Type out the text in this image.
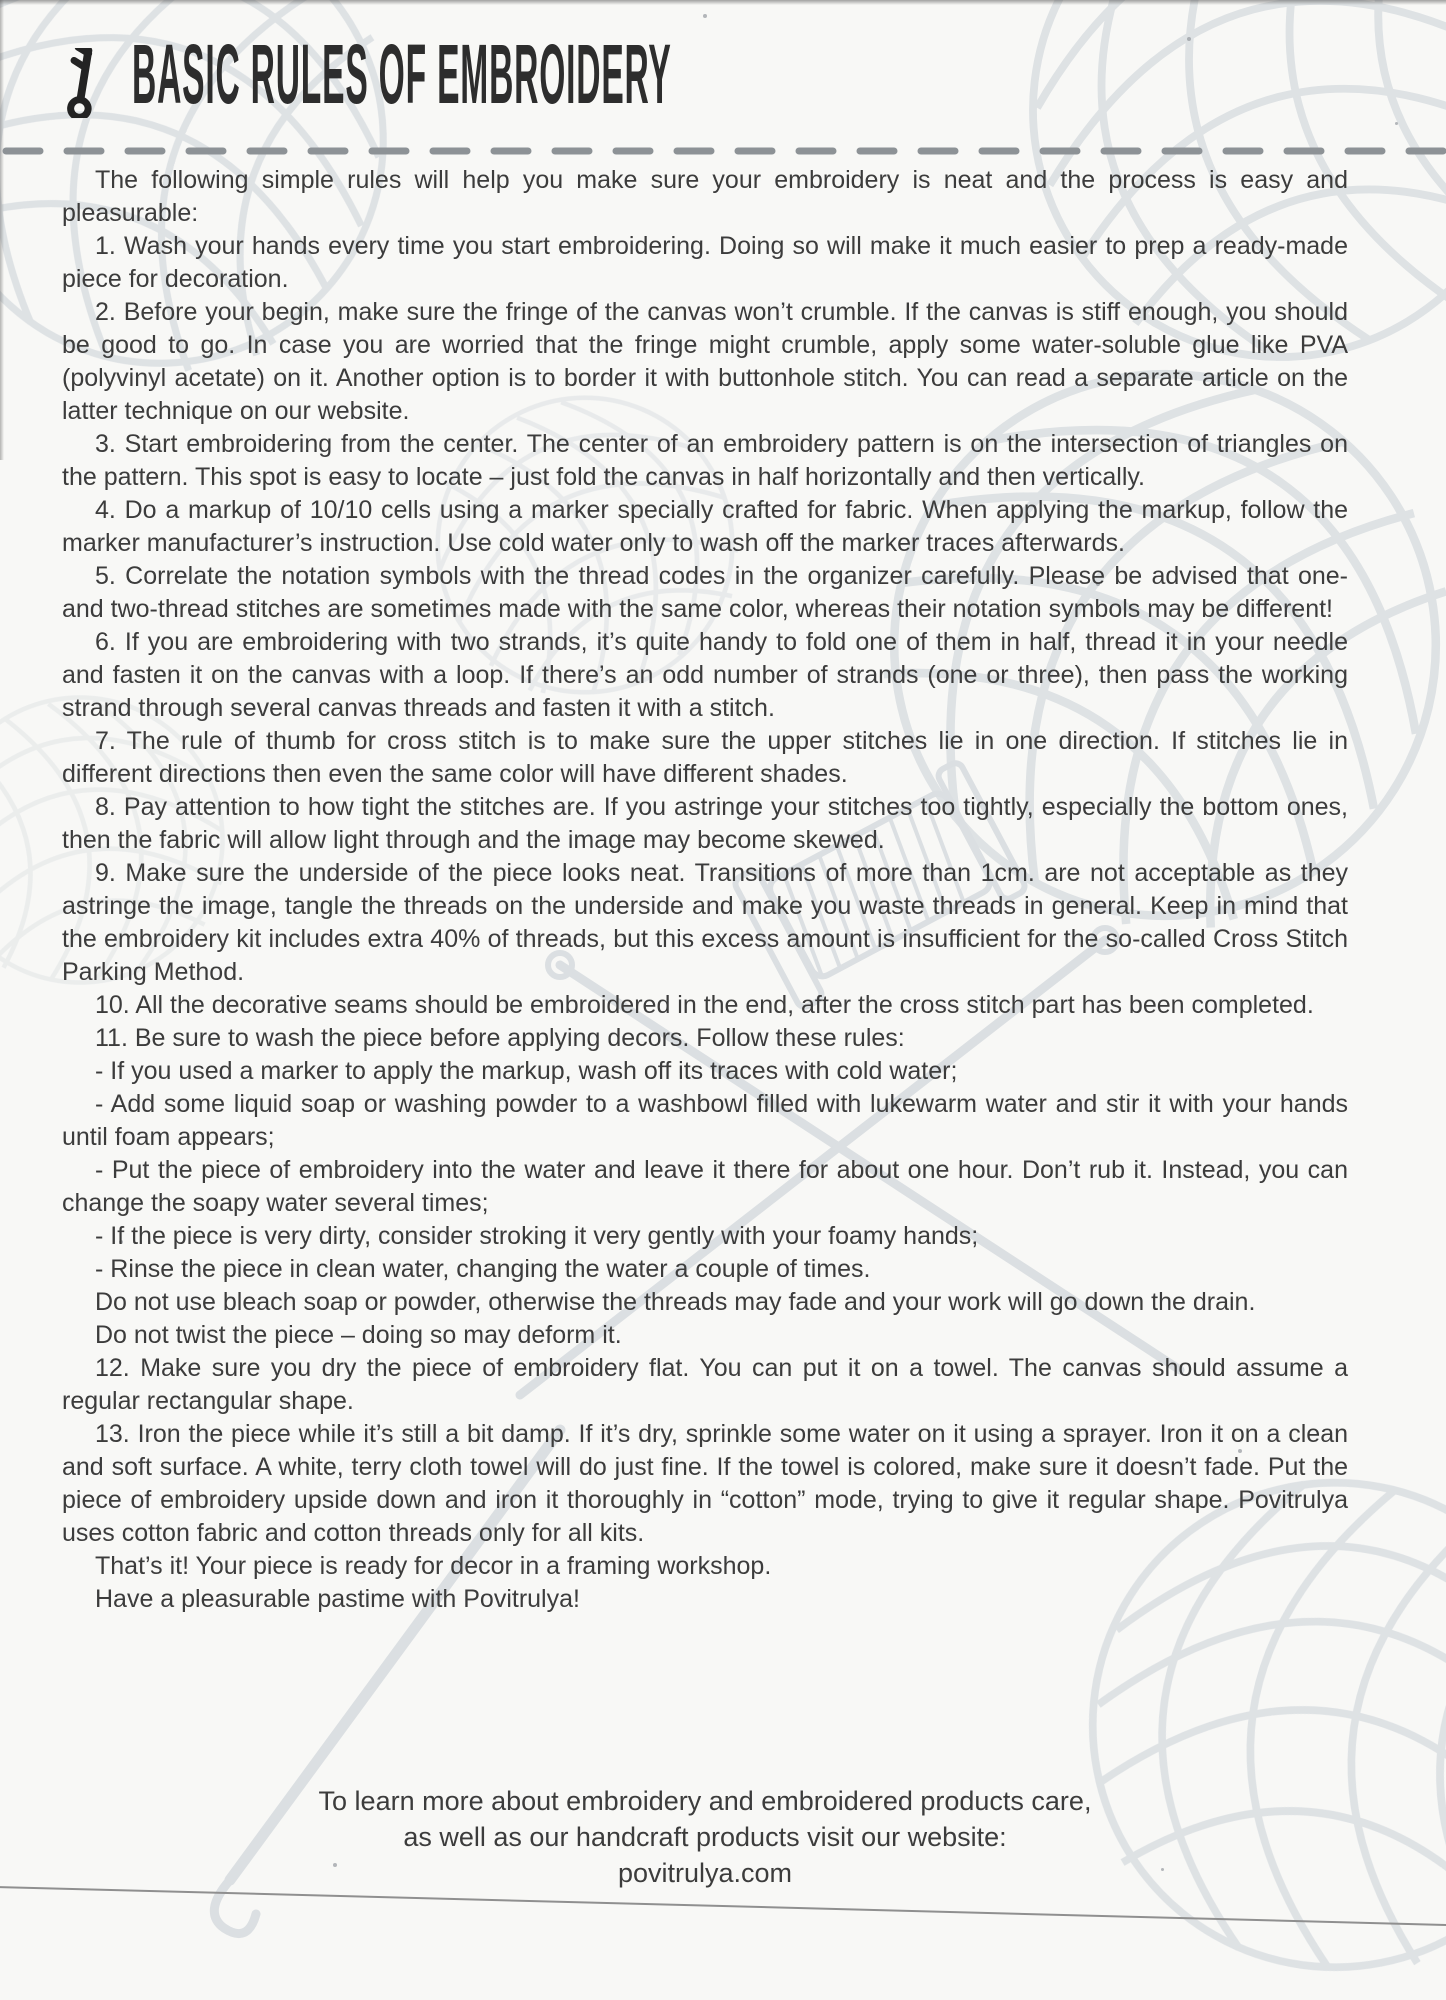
BASIC RULES OF EMBROIDERY

The following simple rules will help you make sure your embroidery is neat and the process is easy and pleasurable:

1. Wash your hands every time you start embroidering. Doing so will make it much easier to prep a ready-made piece for decoration.

2. Before your begin, make sure the fringe of the canvas won’t crumble. If the canvas is stiff enough, you should be good to go. In case you are worried that the fringe might crumble, apply some water-soluble glue like PVA (polyvinyl acetate) on it. Another option is to border it with buttonhole stitch. You can read a separate article on the latter technique on our website.

3. Start embroidering from the center. The center of an embroidery pattern is on the intersection of triangles on the pattern. This spot is easy to locate – just fold the canvas in half horizontally and then vertically.

4. Do a markup of 10/10 cells using a marker specially crafted for fabric. When applying the markup, follow the marker manufacturer’s instruction. Use cold water only to wash off the marker traces afterwards.

5. Correlate the notation symbols with the thread codes in the organizer carefully. Please be advised that one- and two-thread stitches are sometimes made with the same color, whereas their notation symbols may be different!

6. If you are embroidering with two strands, it’s quite handy to fold one of them in half, thread it in your needle and fasten it on the canvas with a loop. If there’s an odd number of strands (one or three), then pass the working strand through several canvas threads and fasten it with a stitch.

7. The rule of thumb for cross stitch is to make sure the upper stitches lie in one direction. If stitches lie in different directions then even the same color will have different shades.

8. Pay attention to how tight the stitches are. If you astringe your stitches too tightly, especially the bottom ones, then the fabric will allow light through and the image may become skewed.

9. Make sure the underside of the piece looks neat. Transitions of more than 1cm. are not acceptable as they astringe the image, tangle the threads on the underside and make you waste threads in general. Keep in mind that the embroidery kit includes extra 40% of threads, but this excess amount is insufficient for the so-called Cross Stitch Parking Method.

10. All the decorative seams should be embroidered in the end, after the cross stitch part has been completed.

11. Be sure to wash the piece before applying decors. Follow these rules:

- If you used a marker to apply the markup, wash off its traces with cold water;

- Add some liquid soap or washing powder to a washbowl filled with lukewarm water and stir it with your hands until foam appears;

- Put the piece of embroidery into the water and leave it there for about one hour. Don’t rub it. Instead, you can change the soapy water several times;

- If the piece is very dirty, consider stroking it very gently with your foamy hands;

- Rinse the piece in clean water, changing the water a couple of times.

Do not use bleach soap or powder, otherwise the threads may fade and your work will go down the drain.

Do not twist the piece – doing so may deform it.

12. Make sure you dry the piece of embroidery flat. You can put it on a towel. The canvas should assume a regular rectangular shape.

13. Iron the piece while it’s still a bit damp. If it’s dry, sprinkle some water on it using a sprayer. Iron it on a clean and soft surface. A white, terry cloth towel will do just fine. If the towel is colored, make sure it doesn’t fade. Put the piece of embroidery upside down and iron it thoroughly in “cotton” mode, trying to give it regular shape. Povitrulya uses cotton fabric and cotton threads only for all kits.

That’s it! Your piece is ready for decor in a framing workshop.

Have a pleasurable pastime with Povitrulya!

To learn more about embroidery and embroidered products care,
as well as our handcraft products visit our website:
povitrulya.com
